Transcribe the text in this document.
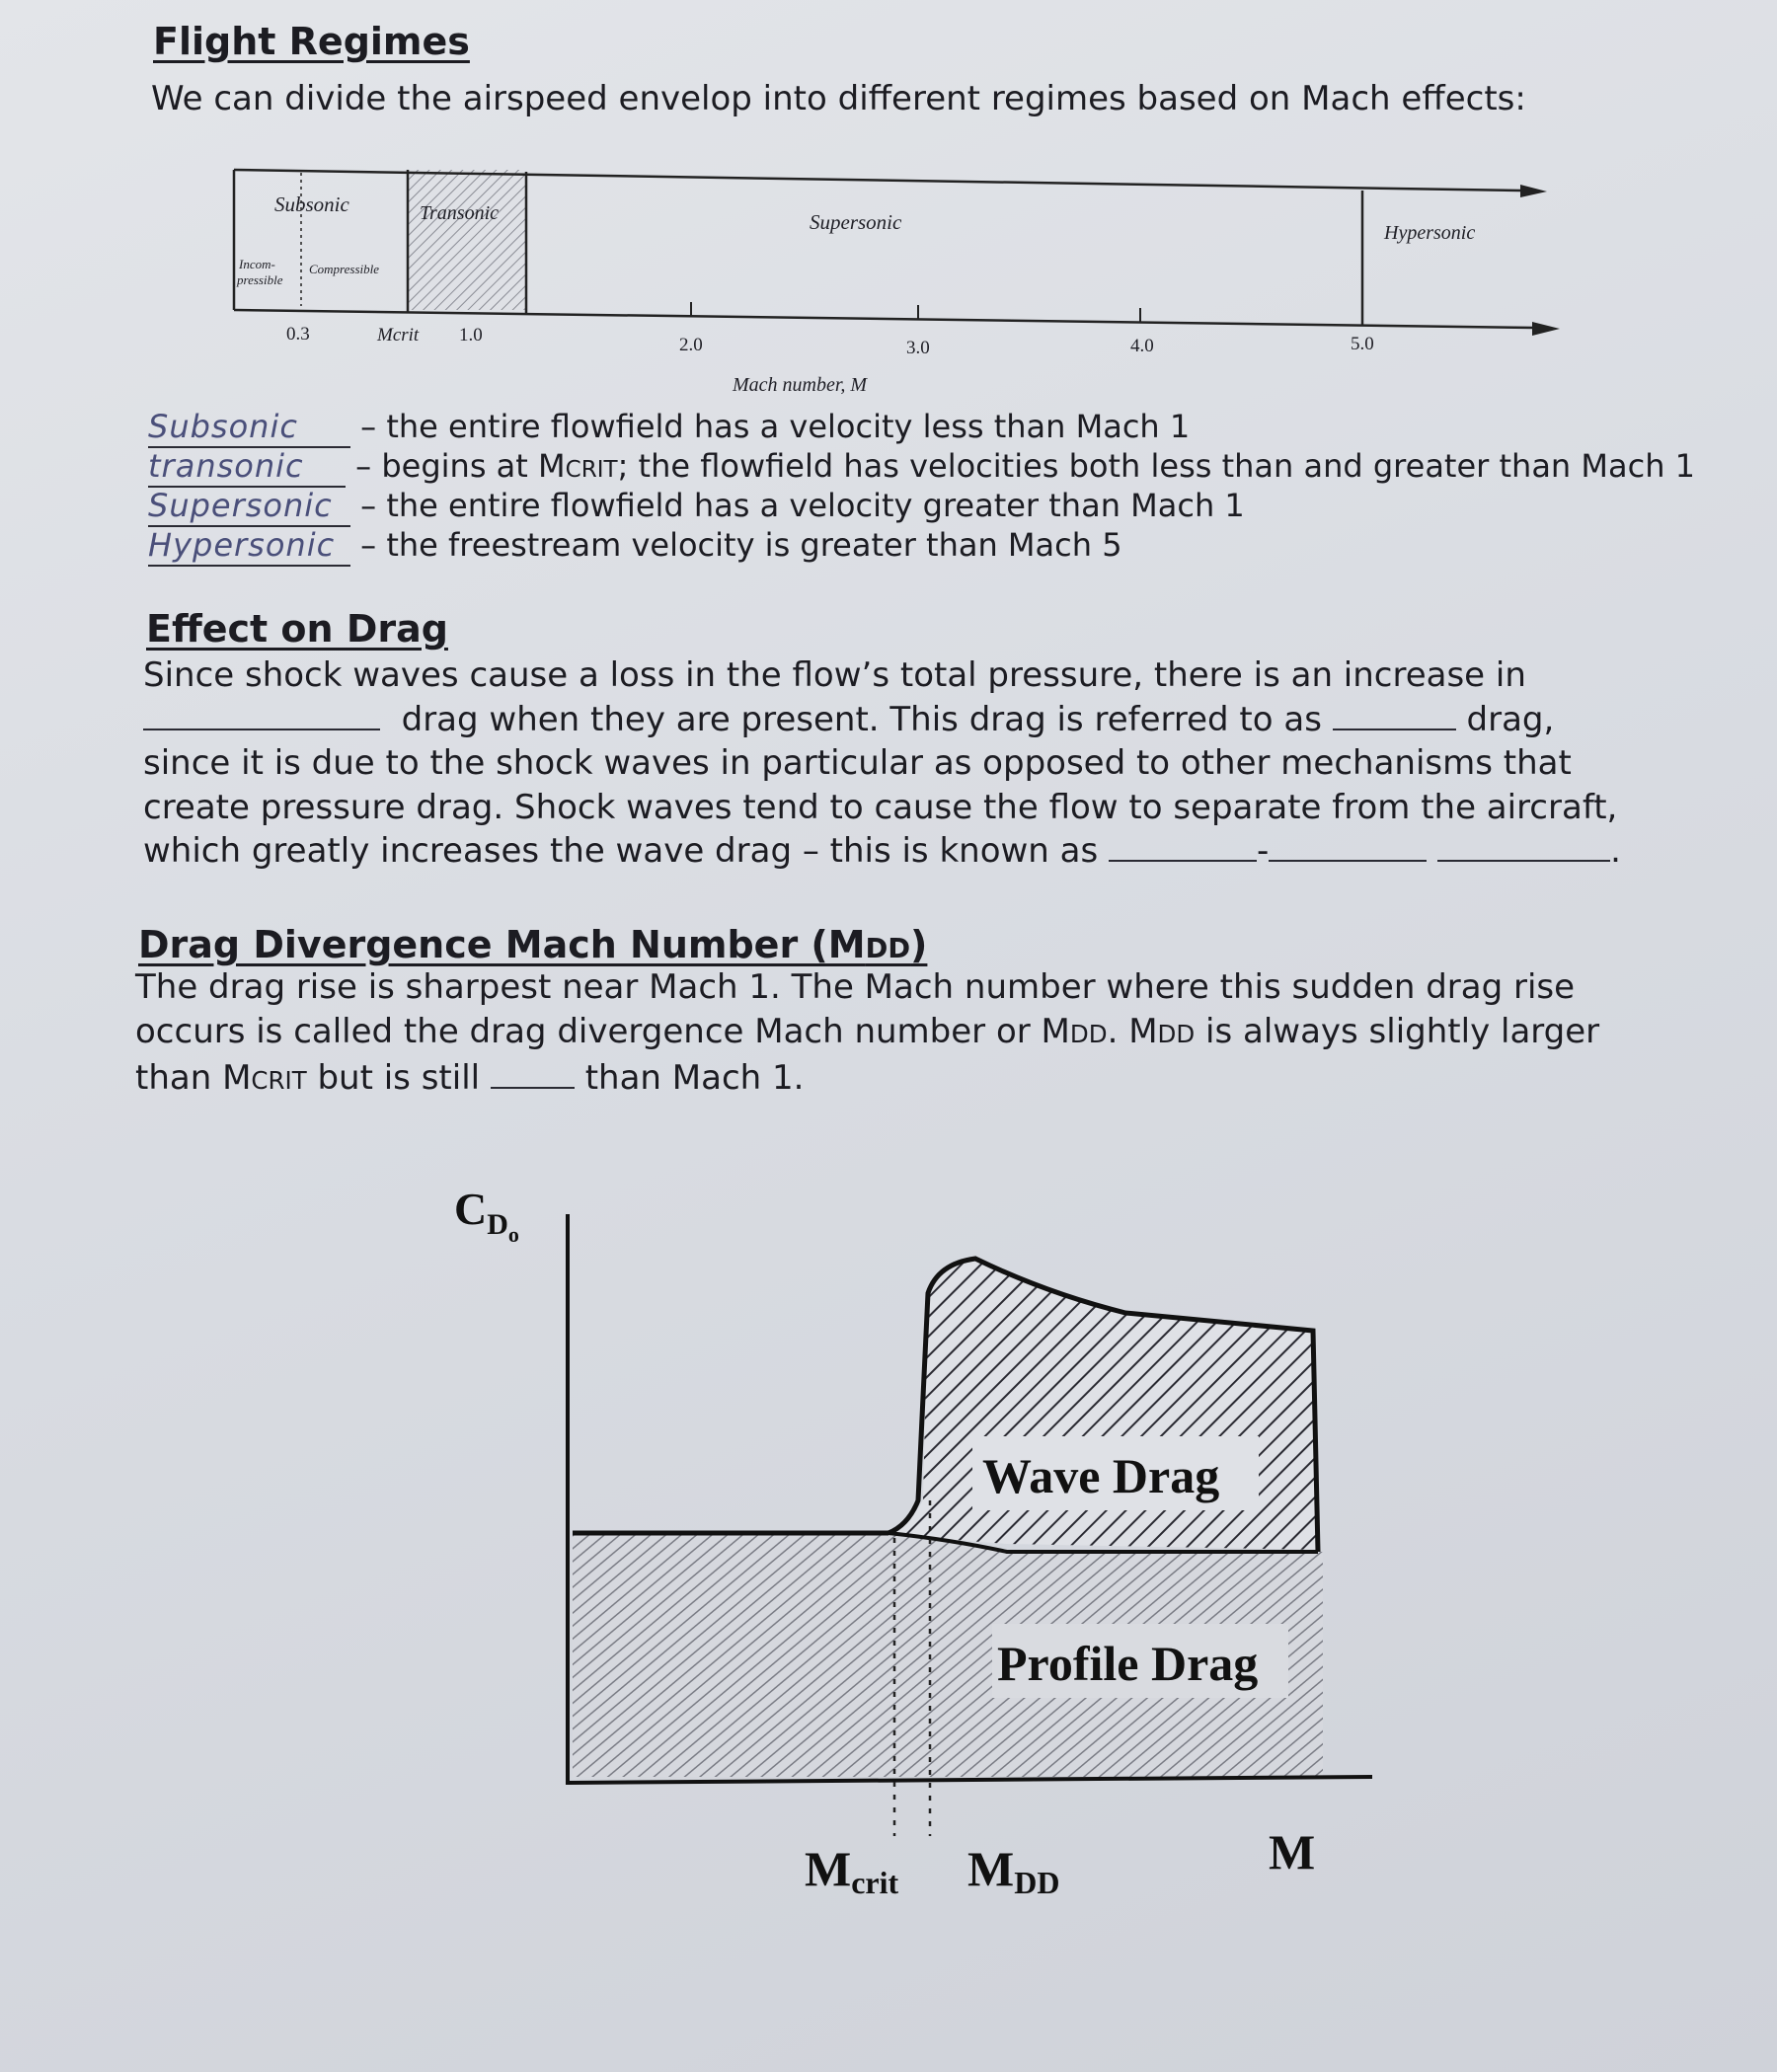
Flight Regimes
We can divide the airspeed envelop into different regimes based on Mach effects:
Subsonic	Transonic	Supersonic	Hypersonic
Incom-
pressible
Compressible
0.3	Mcrit 1.0	2.0	3.0	4.0	5.0
Mach number, M
Subsonic – the entire flowfield has a velocity less than Mach 1
transonic – begins at MCRIT; the flowfield has velocities both less than and greater than Mach 1
Supersonic – the entire flowfield has a velocity greater than Mach 1
Hypersonic – the freestream velocity is greater than Mach 5
Effect on Drag
Since shock waves cause a loss in the flow’s total pressure, there is an increase in
drag when they are present. This drag is referred to as	drag,
since it is due to the shock waves in particular as opposed to other mechanisms that
create pressure drag. Shock waves tend to cause the flow to separate from the aircraft,
which greatly increases the wave drag – this is known as	-	.
Drag Divergence Mach Number (MDD)
The drag rise is sharpest near Mach 1. The Mach number where this sudden drag rise
occurs is called the drag divergence Mach number or MDD. MDD is always slightly larger
than MCRIT but is still	than Mach 1.
$C_Do$
Wave Drag
Profile Drag
M
Mcrit MDD
